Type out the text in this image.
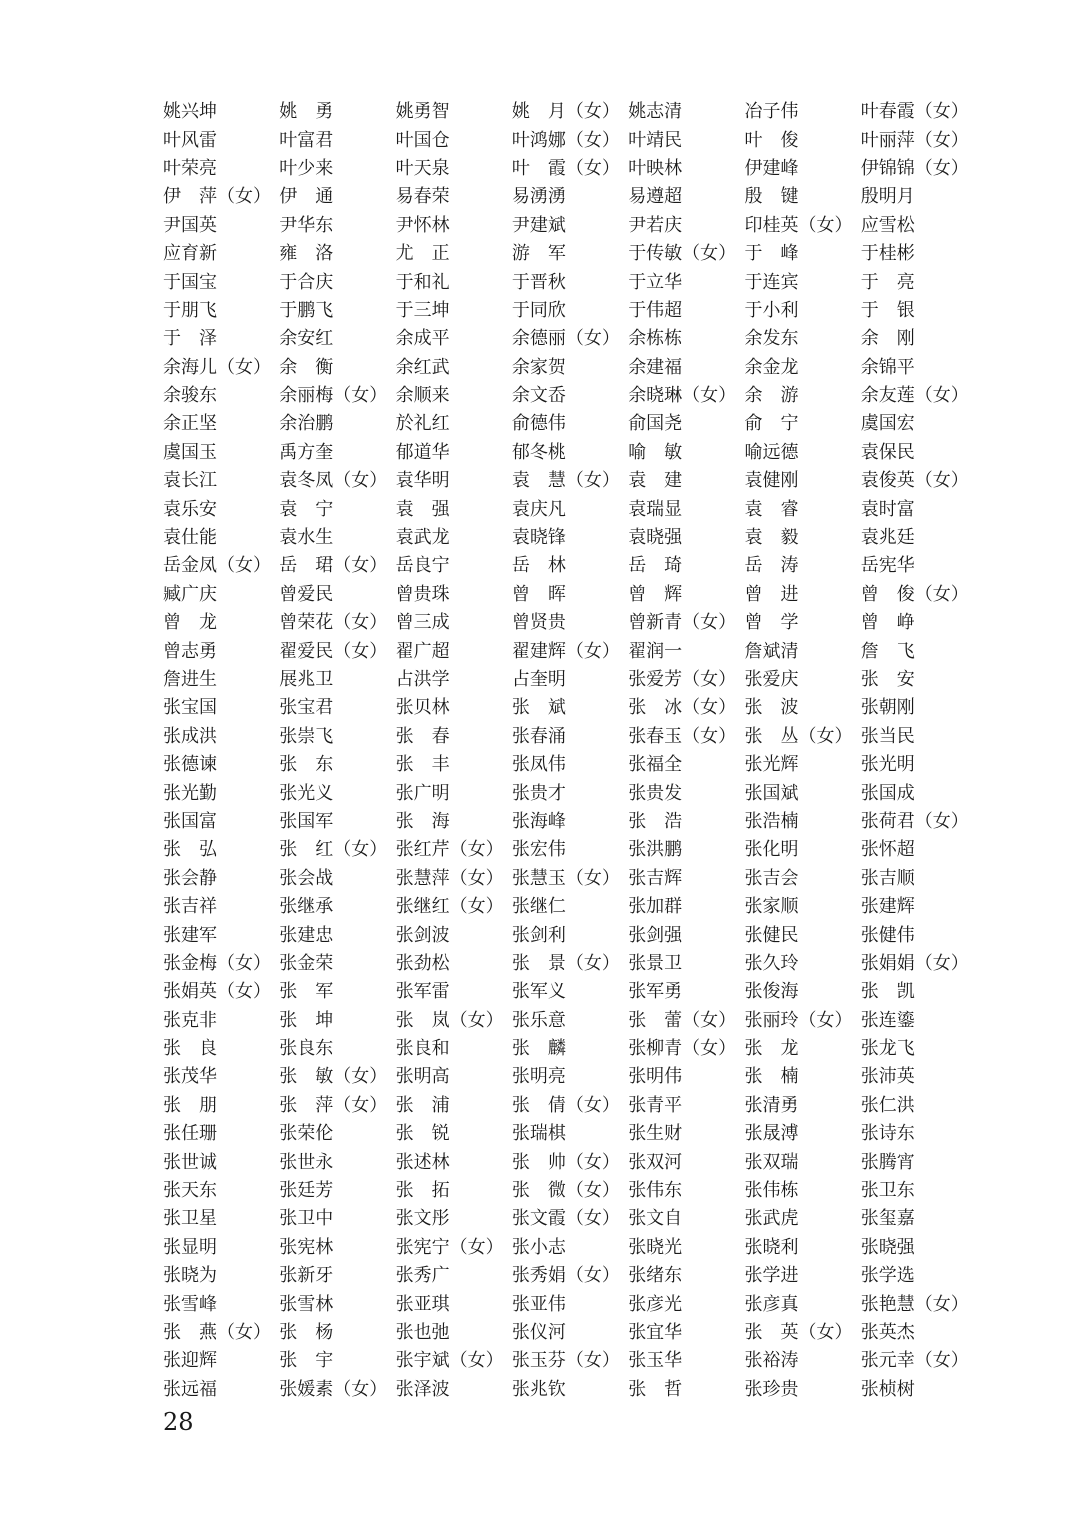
姚兴坤	姚　勇	姚勇智	姚　月（女） 姚志清	冶子伟	叶春霞（女）
叶风雷	叶富君	叶国仓	叶鸿娜（女） 叶靖民	叶　俊	叶丽萍（女）
叶荣亮	叶少来	叶天泉	叶　霞（女） 叶映林	伊建峰	伊锦锦（女）
伊　萍（女） 伊　通	易春荣	易湧湧	易遵超	殷　键	殷明月
尹国英	尹华东	尹怀林	尹建斌	尹若庆	印桂英（女） 应雪松
应育新	雍　洛	尤　正	游　军	于传敏（女） 于　峰	于桂彬
于国宝	于合庆	于和礼	于晋秋	于立华	于连宾	于　亮
于朋飞	于鹏飞	于三坤	于同欣	于伟超	于小利	于　银
于　泽	余安红	余成平	余德丽（女） 余栋栋	余发东	余　刚
余海儿（女） 余　衡	余红武	余家贺	余建福	余金龙	余锦平
余骏东	余丽梅（女） 余顺来	余文岙	余晓琳（女） 余　游	余友莲（女）
余正坚	余治鹏	於礼红	俞德伟	俞国尧	俞　宁	虞国宏
虞国玉	禹方奎	郁道华	郁冬桃	喻　敏	喻远德	袁保民
袁长江	袁冬凤（女） 袁华明	袁　慧（女） 袁　建	袁健刚	袁俊英（女）
袁乐安	袁　宁	袁　强	袁庆凡	袁瑞显	袁　睿	袁时富
袁仕能	袁水生	袁武龙	袁晓锋	袁晓强	袁　毅	袁兆廷
岳金凤（女） 岳　珺（女） 岳良宁	岳　林	岳　琦	岳　涛	岳宪华
臧广庆	曾爱民	曾贵珠	曾　晖	曾　辉	曾　进	曾　俊（女）
曾　龙	曾荣花（女） 曾三成	曾贤贵	曾新青（女） 曾　学	曾　峥
曾志勇	翟爱民（女） 翟广超	翟建辉（女） 翟润一	詹斌清	詹　飞
詹进生	展兆卫	占洪学	占奎明	张爱芳（女） 张爱庆	张　安
张宝国	张宝君	张贝林	张　斌	张　冰（女） 张　波	张朝刚
张成洪	张崇飞	张　春	张春涌	张春玉（女） 张　丛（女） 张当民
张德谏	张　东	张　丰	张凤伟	张福全	张光辉	张光明
张光勤	张光义	张广明	张贵才	张贵发	张国斌	张国成
张国富	张国军	张　海	张海峰	张　浩	张浩楠	张荷君（女）
张　弘	张　红（女） 张红芹（女） 张宏伟	张洪鹏	张化明	张怀超
张会静	张会战	张慧萍（女） 张慧玉（女） 张吉辉	张吉会	张吉顺
张吉祥	张继承	张继红（女） 张继仁	张加群	张家顺	张建辉
张建军	张建忠	张剑波	张剑利	张剑强	张健民	张健伟
张金梅（女） 张金荣	张劲松	张　景（女） 张景卫	张久玲	张娟娟（女）
张娟英（女） 张　军	张军雷	张军义	张军勇	张俊海	张　凯
张克非	张　坤	张　岚（女） 张乐意	张　蕾（女） 张丽玲（女） 张连鎏
张　良	张良东	张良和	张　麟	张柳青（女） 张　龙	张龙飞
张茂华	张　敏（女） 张明高	张明亮	张明伟	张　楠	张沛英
张　朋	张　萍（女） 张　浦	张　倩（女） 张青平	张清勇	张仁洪
张任珊	张荣伦	张　锐	张瑞棋	张生财	张晟溥	张诗东
张世诚	张世永	张述林	张　帅（女） 张双河	张双瑞	张腾宵
张天东	张廷芳	张　拓	张　微（女） 张伟东	张伟栋	张卫东
张卫星	张卫中	张文彤	张文霞（女） 张文自	张武虎	张玺嘉
张显明	张宪林	张宪宁（女） 张小志	张晓光	张晓利	张晓强
张晓为	张新牙	张秀广	张秀娟（女） 张绪东	张学进	张学选
张雪峰	张雪林	张亚琪	张亚伟	张彦光	张彦真	张艳慧（女）
张　燕（女） 张　杨	张也弛	张仪河	张宜华	张　英（女） 张英杰
张迎辉	张　宇	张宇斌（女） 张玉芬（女） 张玉华	张裕涛	张元幸（女）
张远福	张媛素（女） 张泽波	张兆钦	张　哲	张珍贵	张桢树
28
